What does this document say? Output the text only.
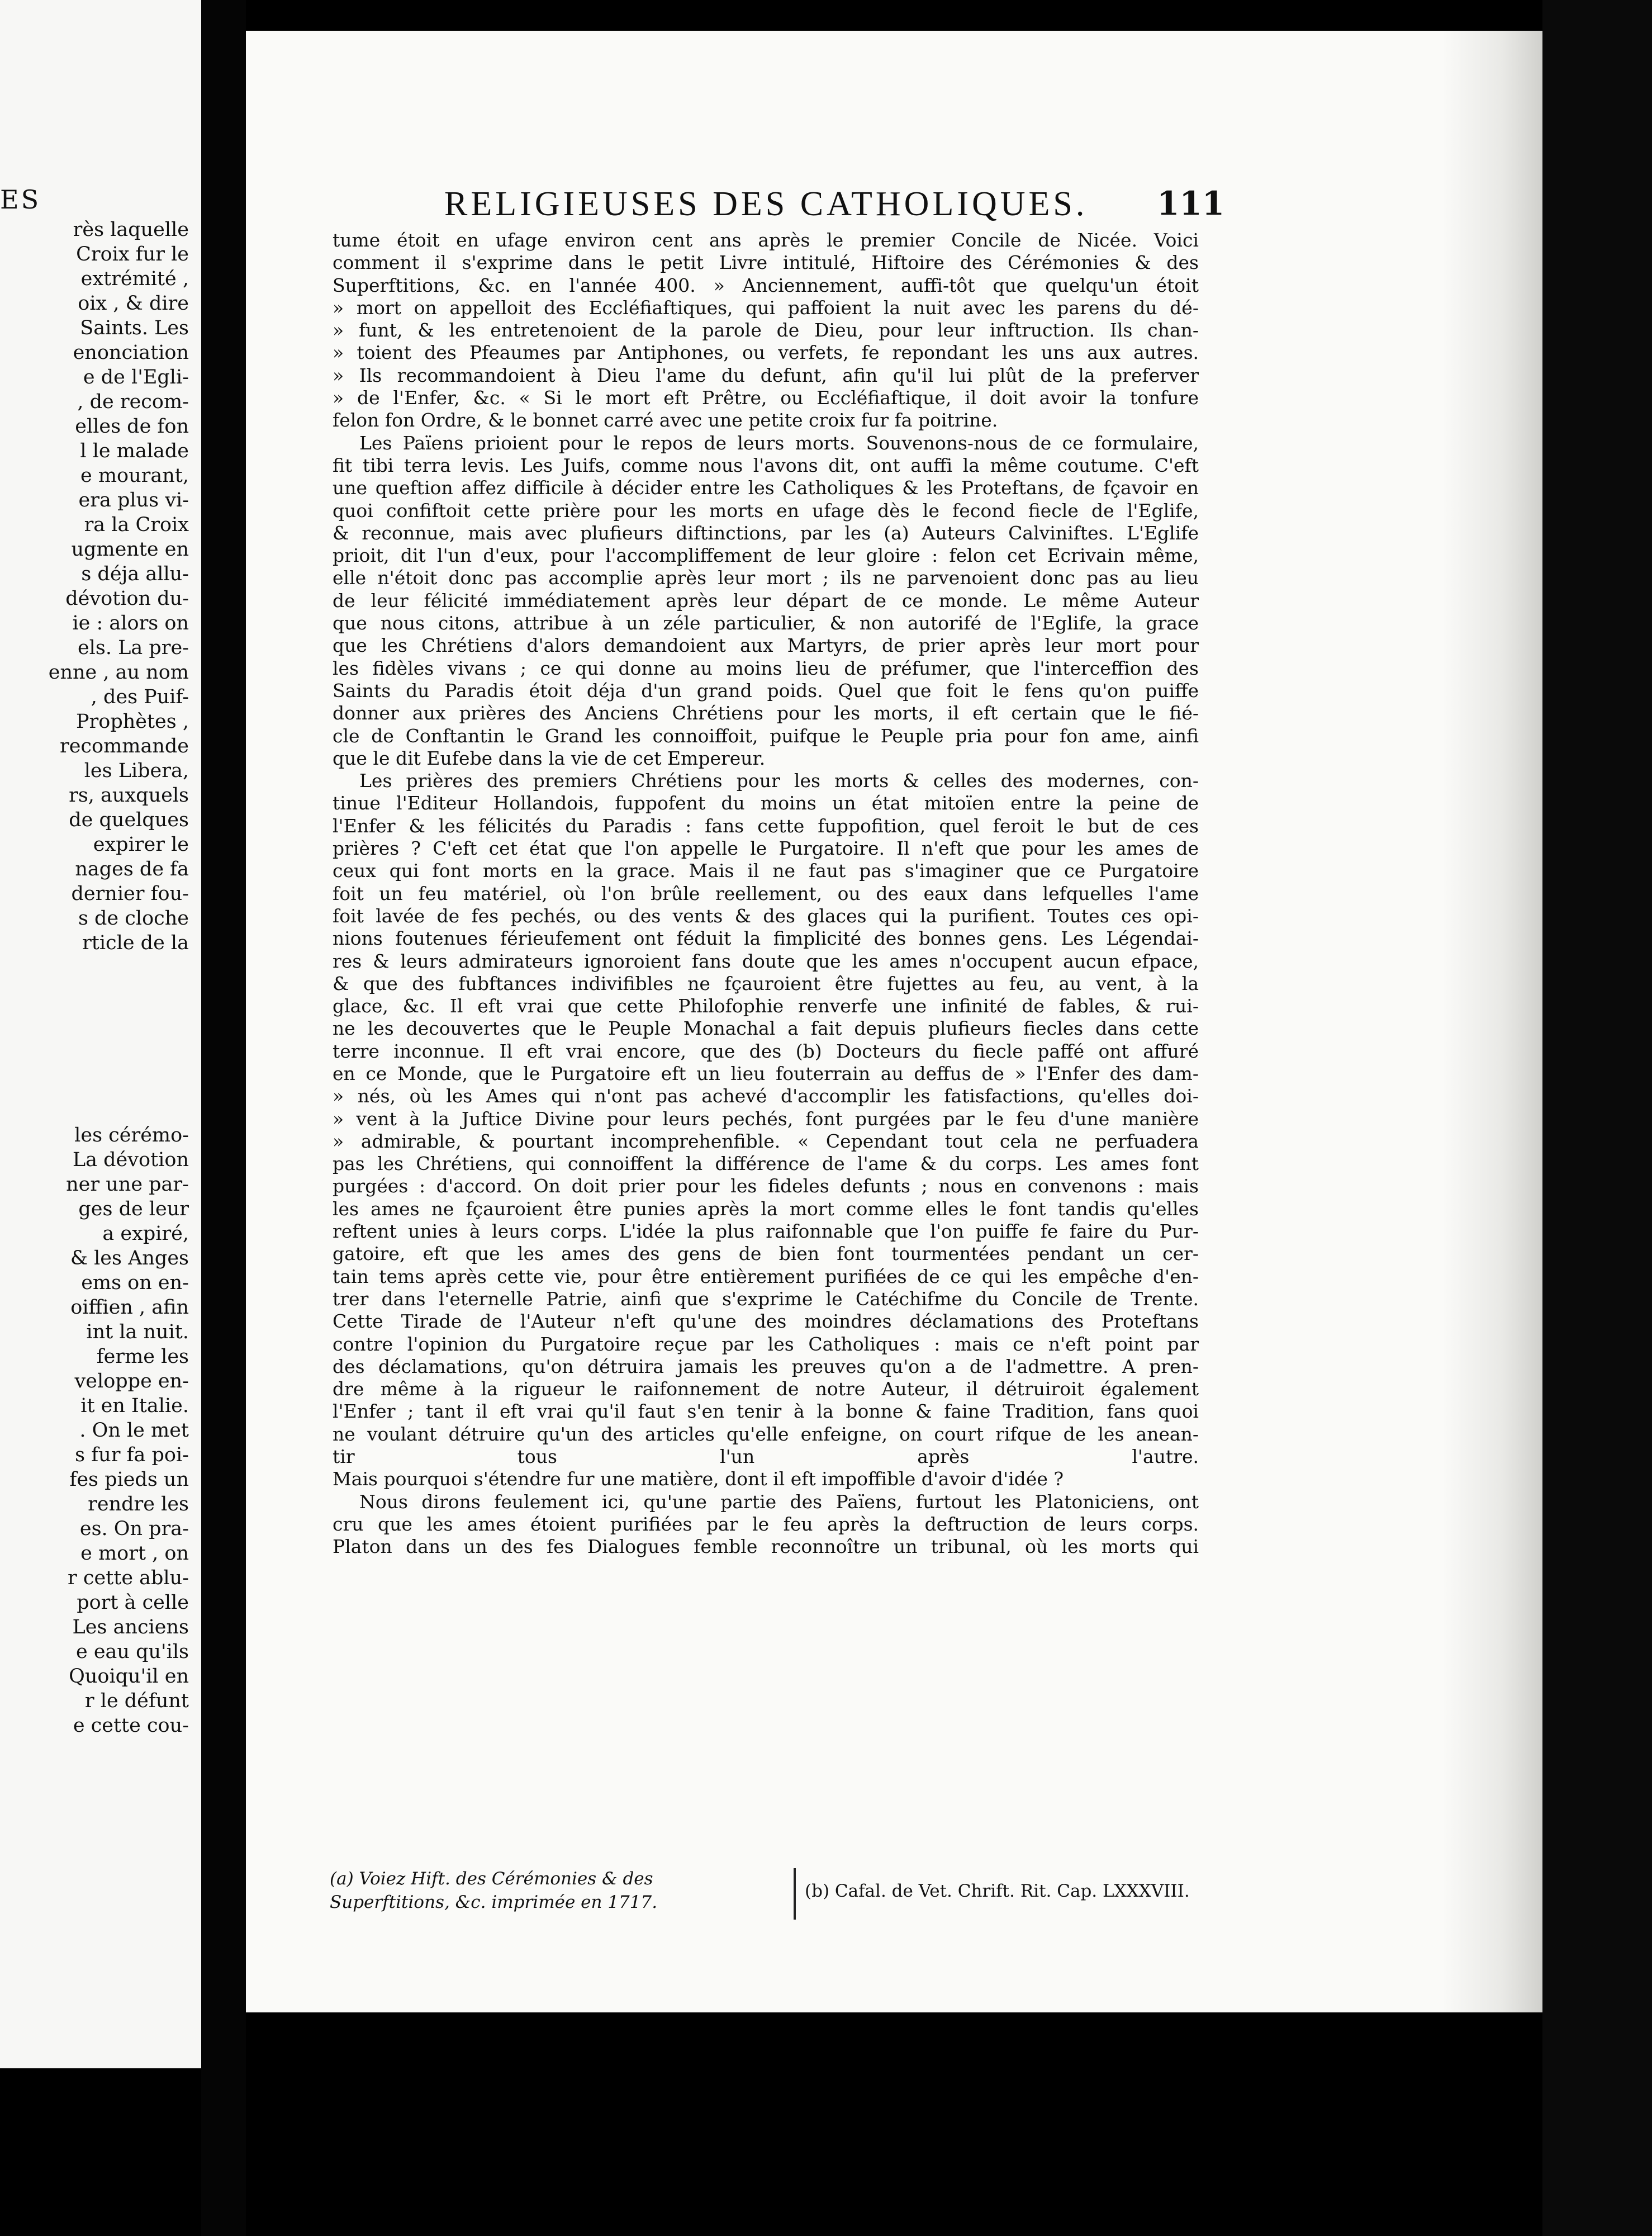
ES
rès laquelle
Croix fur le
extrémité ,
oix , & dire
Saints. Les
enonciation
e de l'Egli-
, de recom-
elles de fon
l le malade
e mourant,
era plus vi-
ra la Croix
ugmente en
s déja allu-
dévotion du-
ie : alors on
els. La pre-
enne , au nom
, des Puif-
Prophètes ,
recommande
les Libera,
rs, auxquels
de quelques
expirer le
nages de fa
dernier fou-
s de cloche
rticle de la
les cérémo-
La dévotion
ner une par-
ges de leur
a expiré,
& les Anges
ems on en-
oiffien , afin
int la nuit.
ferme les
veloppe en-
it en Italie.
. On le met
s fur fa poi-
fes pieds un
rendre les
es. On pra-
e mort , on
r cette ablu-
port à celle
Les anciens
e eau qu'ils
Quoiqu'il en
r le défunt
e cette cou-
RELIGIEUSES DES CATHOLIQUES. 111
tume étoit en ufage environ cent ans après le premier Concile de Nicée. Voici
comment il s'exprime dans le petit Livre intitulé, Hiftoire des Cérémonies & des
Superftitions, &c. en l'année 400. » Anciennement, auffi-tôt que quelqu'un étoit
» mort on appelloit des Eccléfiaftiques, qui paffoient la nuit avec les parens du dé-
» funt, & les entretenoient de la parole de Dieu, pour leur inftruction. Ils chan-
» toient des Pfeaumes par Antiphones, ou verfets, fe repondant les uns aux autres.
» Ils recommandoient à Dieu l'ame du defunt, afin qu'il lui plût de la preferver
» de l'Enfer, &c. « Si le mort eft Prêtre, ou Eccléfiaftique, il doit avoir la tonfure
felon fon Ordre, & le bonnet carré avec une petite croix fur fa poitrine.
Les Païens prioient pour le repos de leurs morts. Souvenons-nous de ce formulaire,
fit tibi terra levis. Les Juifs, comme nous l'avons dit, ont auffi la même coutume. C'eft
une queftion affez difficile à décider entre les Catholiques & les Proteftans, de fçavoir en
quoi confiftoit cette prière pour les morts en ufage dès le fecond fiecle de l'Eglife,
& reconnue, mais avec plufieurs diftinctions, par les (a) Auteurs Calviniftes. L'Eglife
prioit, dit l'un d'eux, pour l'accompliffement de leur gloire : felon cet Ecrivain même,
elle n'étoit donc pas accomplie après leur mort ; ils ne parvenoient donc pas au lieu
de leur félicité immédiatement après leur départ de ce monde. Le même Auteur
que nous citons, attribue à un zéle particulier, & non autorifé de l'Eglife, la grace
que les Chrétiens d'alors demandoient aux Martyrs, de prier après leur mort pour
les fidèles vivans ; ce qui donne au moins lieu de préfumer, que l'interceffion des
Saints du Paradis étoit déja d'un grand poids. Quel que foit le fens qu'on puiffe
donner aux prières des Anciens Chrétiens pour les morts, il eft certain que le fié-
cle de Conftantin le Grand les connoiffoit, puifque le Peuple pria pour fon ame, ainfi
que le dit Eufebe dans la vie de cet Empereur.
Les prières des premiers Chrétiens pour les morts & celles des modernes, con-
tinue l'Editeur Hollandois, fuppofent du moins un état mitoïen entre la peine de
l'Enfer & les félicités du Paradis : fans cette fuppofition, quel feroit le but de ces
prières ? C'eft cet état que l'on appelle le Purgatoire. Il n'eft que pour les ames de
ceux qui font morts en la grace. Mais il ne faut pas s'imaginer que ce Purgatoire
foit un feu matériel, où l'on brûle reellement, ou des eaux dans lefquelles l'ame
foit lavée de fes pechés, ou des vents & des glaces qui la purifient. Toutes ces opi-
nions foutenues férieufement ont féduit la fimplicité des bonnes gens. Les Légendai-
res & leurs admirateurs ignoroient fans doute que les ames n'occupent aucun efpace,
& que des fubftances indivifibles ne fçauroient être fujettes au feu, au vent, à la
glace, &c. Il eft vrai que cette Philofophie renverfe une infinité de fables, & rui-
ne les decouvertes que le Peuple Monachal a fait depuis plufieurs fiecles dans cette
terre inconnue. Il eft vrai encore, que des (b) Docteurs du fiecle paffé ont affuré
en ce Monde, que le Purgatoire eft un lieu fouterrain au deffus de » l'Enfer des dam-
» nés, où les Ames qui n'ont pas achevé d'accomplir les fatisfactions, qu'elles doi-
» vent à la Juftice Divine pour leurs pechés, font purgées par le feu d'une manière
» admirable, & pourtant incomprehenfible. « Cependant tout cela ne perfuadera
pas les Chrétiens, qui connoiffent la différence de l'ame & du corps. Les ames font
purgées : d'accord. On doit prier pour les fideles defunts ; nous en convenons : mais
les ames ne fçauroient être punies après la mort comme elles le font tandis qu'elles
reftent unies à leurs corps. L'idée la plus raifonnable que l'on puiffe fe faire du Pur-
gatoire, eft que les ames des gens de bien font tourmentées pendant un cer-
tain tems après cette vie, pour être entièrement purifiées de ce qui les empêche d'en-
trer dans l'eternelle Patrie, ainfi que s'exprime le Catéchifme du Concile de Trente.
Cette Tirade de l'Auteur n'eft qu'une des moindres déclamations des Proteftans
contre l'opinion du Purgatoire reçue par les Catholiques : mais ce n'eft point par
des déclamations, qu'on détruira jamais les preuves qu'on a de l'admettre. A pren-
dre même à la rigueur le raifonnement de notre Auteur, il détruiroit également
l'Enfer ; tant il eft vrai qu'il faut s'en tenir à la bonne & faine Tradition, fans quoi
ne voulant détruire qu'un des articles qu'elle enfeigne, on court rifque de les anean-
tir tous l'un après l'autre.
Mais pourquoi s'étendre fur une matière, dont il eft impoffible d'avoir d'idée ?
Nous dirons feulement ici, qu'une partie des Païens, furtout les Platoniciens, ont
cru que les ames étoient purifiées par le feu après la deftruction de leurs corps.
Platon dans un des fes Dialogues femble reconnoître un tribunal, où les morts qui
(a) Voiez Hift. des Cérémonies & des Superftitions, &c. imprimée en 1717.
(b) Cafal. de Vet. Chrift. Rit. Cap. LXXXVIII.
